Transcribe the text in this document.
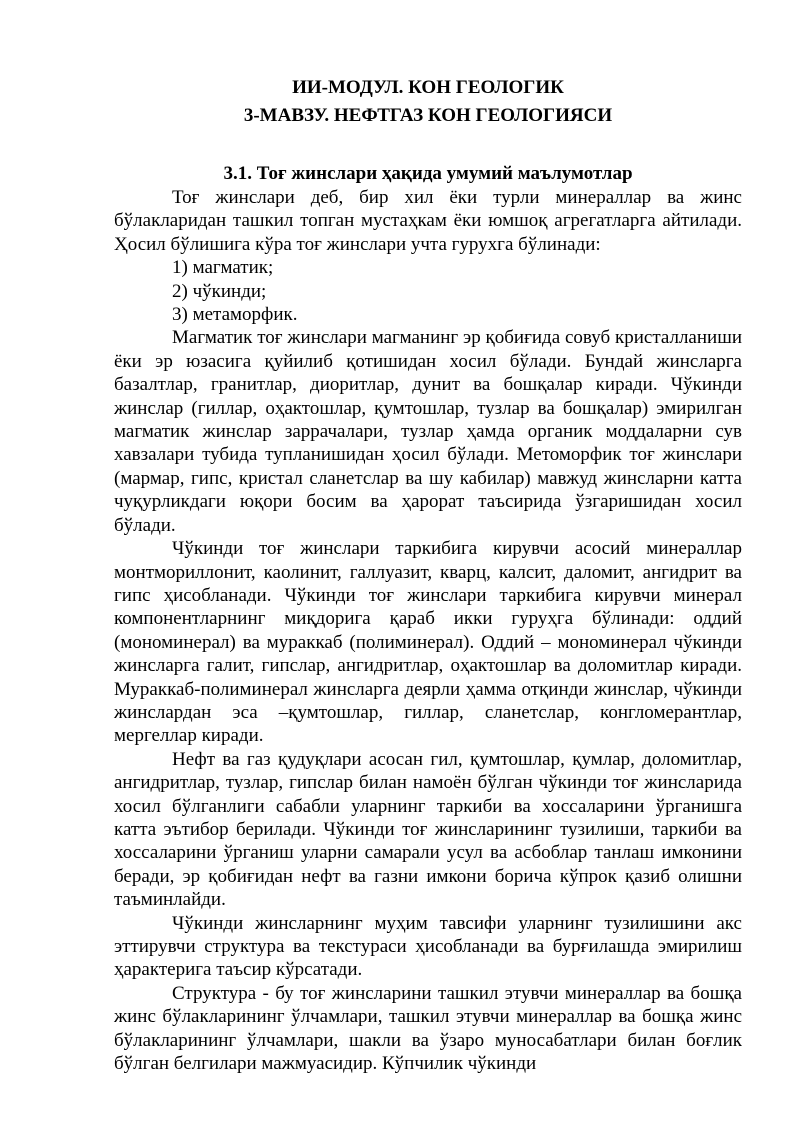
ИИ-МОДУЛ. КОН ГЕОЛОГИК
3-МАВЗУ. НЕФТГАЗ КОН ГЕОЛОГИЯСИ
3.1. Тоғ жинслари ҳақида умумий маълумотлар

Тоғ жинслари деб, бир хил ёки турли минераллар ва жинс бўлакларидан ташкил топган мустаҳкам ёки юмшоқ агрегатларга айтилади. Ҳосил бўлишига кўра тоғ жинслари учта гурухга бўлинади:

1) магматик;

2) чўкинди;

3) метаморфик.

Магматик тоғ жинслари магманинг эр қобиғида совуб кристалланиши ёки эр юзасига қуйилиб қотишидан хосил бўлади. Бундай жинсларга базалтлар, гранитлар, диоритлар, дунит ва бошқалар киради. Чўкинди жинслар (гиллар, оҳактошлар, қумтошлар, тузлар ва бошқалар) эмирилган магматик жинслар заррачалари, тузлар ҳамда органик моддаларни сув хавзалари тубида тупланишидан ҳосил бўлади. Метоморфик тоғ жинслари (мармар, гипс, кристал сланетслар ва шу кабилар) мавжуд жинсларни катта чуқурликдаги юқори босим ва ҳарорат таъсирида ўзгаришидан хосил бўлади.

Чўкинди тоғ жинслари таркибига кирувчи асосий минераллар монтмориллонит, каолинит, галлуазит, кварц, калсит, даломит, ангидрит ва гипс ҳисобланади. Чўкинди тоғ жинслари таркибига кирувчи минерал компонентларнинг миқдорига қараб икки гуруҳга бўлинади: оддий (мономинерал) ва мураккаб (полиминерал). Оддий – мономинерал чўкинди жинсларга галит, гипслар, ангидритлар, оҳактошлар ва доломитлар киради. Мураккаб-полиминерал жинсларга деярли ҳамма отқинди жинслар, чўкинди жинслардан эса –қумтошлар, гиллар, сланетслар, конгломерантлар, мергеллар киради.

Нефт ва газ қудуқлари асосан гил, қумтошлар, қумлар, доломитлар, ангидритлар, тузлар, гипслар билан намоён бўлган чўкинди тоғ жинсларида хосил бўлганлиги сабабли уларнинг таркиби ва хоссаларини ўрганишга катта эътибор берилади. Чўкинди тоғ жинсларининг тузилиши, таркиби ва хоссаларини ўрганиш уларни самарали усул ва асбоблар танлаш имконини беради, эр қобиғидан нефт ва газни имкони борича кўпрок қазиб олишни таъминлайди.

Чўкинди жинсларнинг муҳим тавсифи уларнинг тузилишини акс эттирувчи структура ва текстураси ҳисобланади ва бурғилашда эмирилиш ҳарактерига таъсир кўрсатади.

Структура - бу тоғ жинсларини ташкил этувчи минераллар ва бошқа жинс бўлакларининг ўлчамлари, ташкил этувчи минераллар ва бошқа жинс бўлакларининг ўлчамлари, шакли ва ўзаро муносабатлари билан боғлик бўлган белгилари мажмуасидир. Кўпчилик чўкинди
